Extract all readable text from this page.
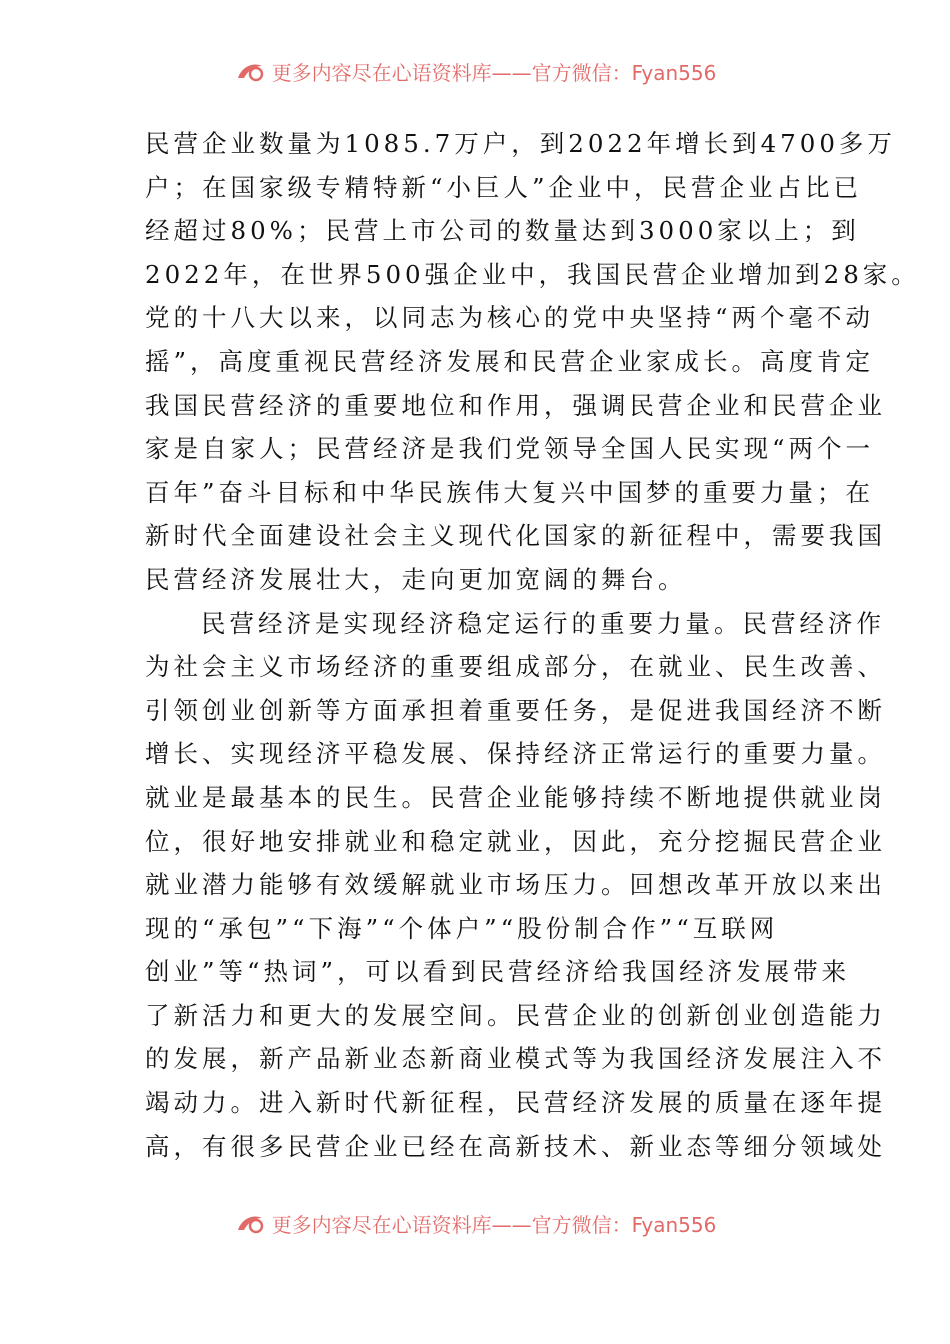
更多内容尽在心语资料库——官方微信：Fyan556
民营企业数量为1085.7万户，到2022年增长到4700多万
户；在国家级专精特新“小巨人”企业中，民营企业占比已
经超过80%；民营上市公司的数量达到3000家以上；到
2022年，在世界500强企业中，我国民营企业增加到28家。
党的十八大以来，以同志为核心的党中央坚持“两个毫不动
摇”，高度重视民营经济发展和民营企业家成长。高度肯定
我国民营经济的重要地位和作用，强调民营企业和民营企业
家是自家人；民营经济是我们党领导全国人民实现“两个一
百年”奋斗目标和中华民族伟大复兴中国梦的重要力量；在
新时代全面建设社会主义现代化国家的新征程中，需要我国
民营经济发展壮大，走向更加宽阔的舞台。
民营经济是实现经济稳定运行的重要力量。民营经济作
为社会主义市场经济的重要组成部分，在就业、民生改善、
引领创业创新等方面承担着重要任务，是促进我国经济不断
增长、实现经济平稳发展、保持经济正常运行的重要力量。
就业是最基本的民生。民营企业能够持续不断地提供就业岗
位，很好地安排就业和稳定就业，因此，充分挖掘民营企业
就业潜力能够有效缓解就业市场压力。回想改革开放以来出
现的“承包”“下海”“个体户”“股份制合作”“互联网
创业”等“热词”，可以看到民营经济给我国经济发展带来
了新活力和更大的发展空间。民营企业的创新创业创造能力
的发展，新产品新业态新商业模式等为我国经济发展注入不
竭动力。进入新时代新征程，民营经济发展的质量在逐年提
高，有很多民营企业已经在高新技术、新业态等细分领域处
更多内容尽在心语资料库——官方微信：Fyan556
